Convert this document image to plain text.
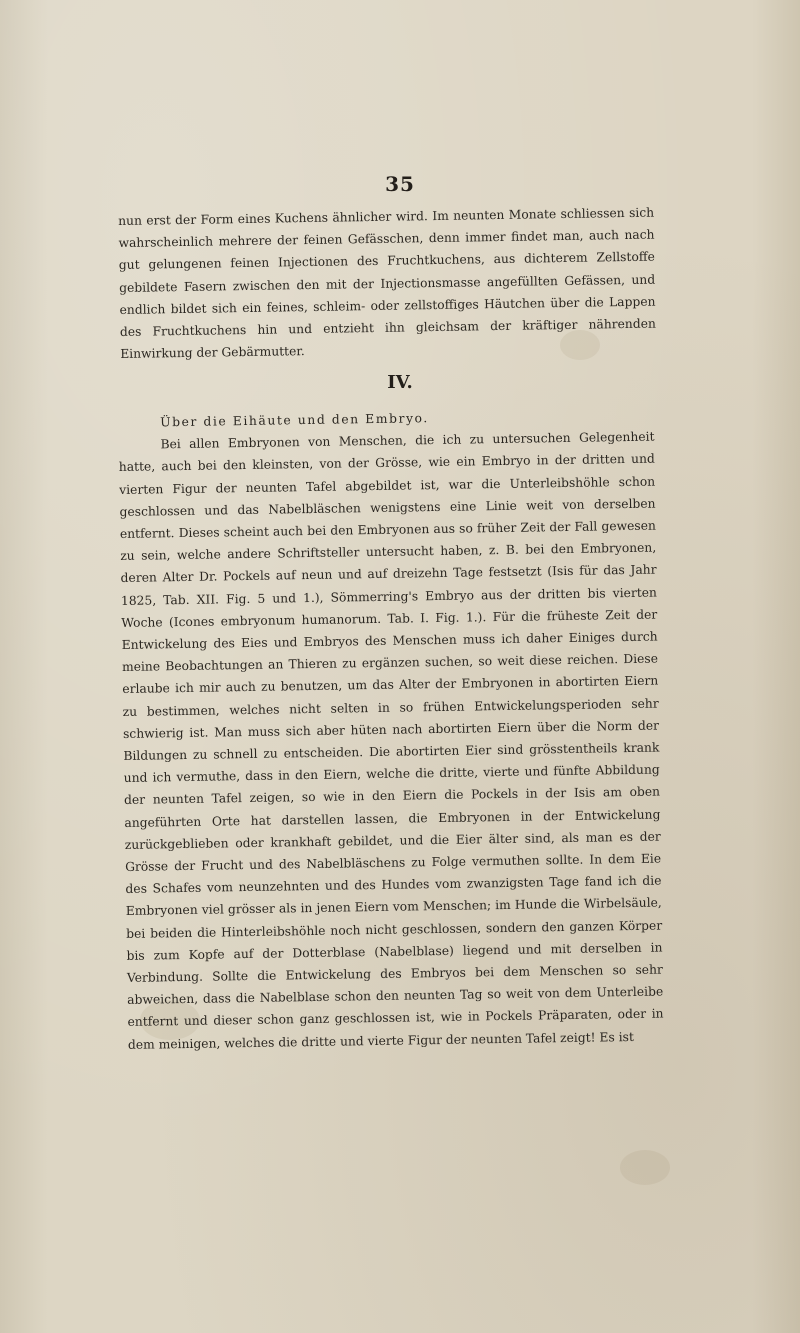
35
nun erst der Form eines Kuchens ähnlicher wird. Im neunten Monate schliessen sich wahrscheinlich mehrere der feinen Gefässchen, denn immer findet man, auch nach gut gelungenen feinen Injectionen des Fruchtkuchens, aus dichterem Zellstoffe gebildete Fasern zwischen den mit der Injectionsmasse angefüllten Gefässen, und endlich bildet sich ein feines, schleim- oder zellstoffiges Häutchen über die Lappen des Fruchtkuchens hin und entzieht ihn gleichsam der kräftiger nährenden Einwirkung der Gebärmutter.
IV.
Über die Eihäute und den Embryo.
Bei allen Embryonen von Menschen, die ich zu untersuchen Gelegenheit hatte, auch bei den kleinsten, von der Grösse, wie ein Embryo in der dritten und vierten Figur der neunten Tafel abgebildet ist, war die Unterleibshöhle schon geschlossen und das Nabelbläschen wenigstens eine Linie weit von derselben entfernt. Dieses scheint auch bei den Embryonen aus so früher Zeit der Fall gewesen zu sein, welche andere Schriftsteller untersucht haben, z. B. bei den Embryonen, deren Alter Dr. Pockels auf neun und auf dreizehn Tage festsetzt (Isis für das Jahr 1825, Tab. XII. Fig. 5 und 1.), Sömmerring's Embryo aus der dritten bis vierten Woche (Icones embryonum humanorum. Tab. I. Fig. 1.). Für die früheste Zeit der Entwickelung des Eies und Embryos des Menschen muss ich daher Einiges durch meine Beobachtungen an Thieren zu ergänzen suchen, so weit diese reichen. Diese erlaube ich mir auch zu benutzen, um das Alter der Embryonen in abortirten Eiern zu bestimmen, welches nicht selten in so frühen Entwickelungsperioden sehr schwierig ist. Man muss sich aber hüten nach abortirten Eiern über die Norm der Bildungen zu schnell zu entscheiden. Die abortirten Eier sind grösstentheils krank und ich vermuthe, dass in den Eiern, welche die dritte, vierte und fünfte Abbildung der neunten Tafel zeigen, so wie in den Eiern die Pockels in der Isis am oben angeführten Orte hat darstellen lassen, die Embryonen in der Entwickelung zurückgeblieben oder krankhaft gebildet, und die Eier älter sind, als man es der Grösse der Frucht und des Nabelbläschens zu Folge vermuthen sollte. In dem Eie des Schafes vom neunzehnten und des Hundes vom zwanzigsten Tage fand ich die Embryonen viel grösser als in jenen Eiern vom Menschen; im Hunde die Wirbelsäule, bei beiden die Hinterleibshöhle noch nicht geschlossen, sondern den ganzen Körper bis zum Kopfe auf der Dotterblase (Nabelblase) liegend und mit derselben in Verbindung. Sollte die Entwickelung des Embryos bei dem Menschen so sehr abweichen, dass die Nabelblase schon den neunten Tag so weit von dem Unterleibe entfernt und dieser schon ganz geschlossen ist, wie in Pockels Präparaten, oder in dem meinigen, welches die dritte und vierte Figur der neunten Tafel zeigt! Es ist
